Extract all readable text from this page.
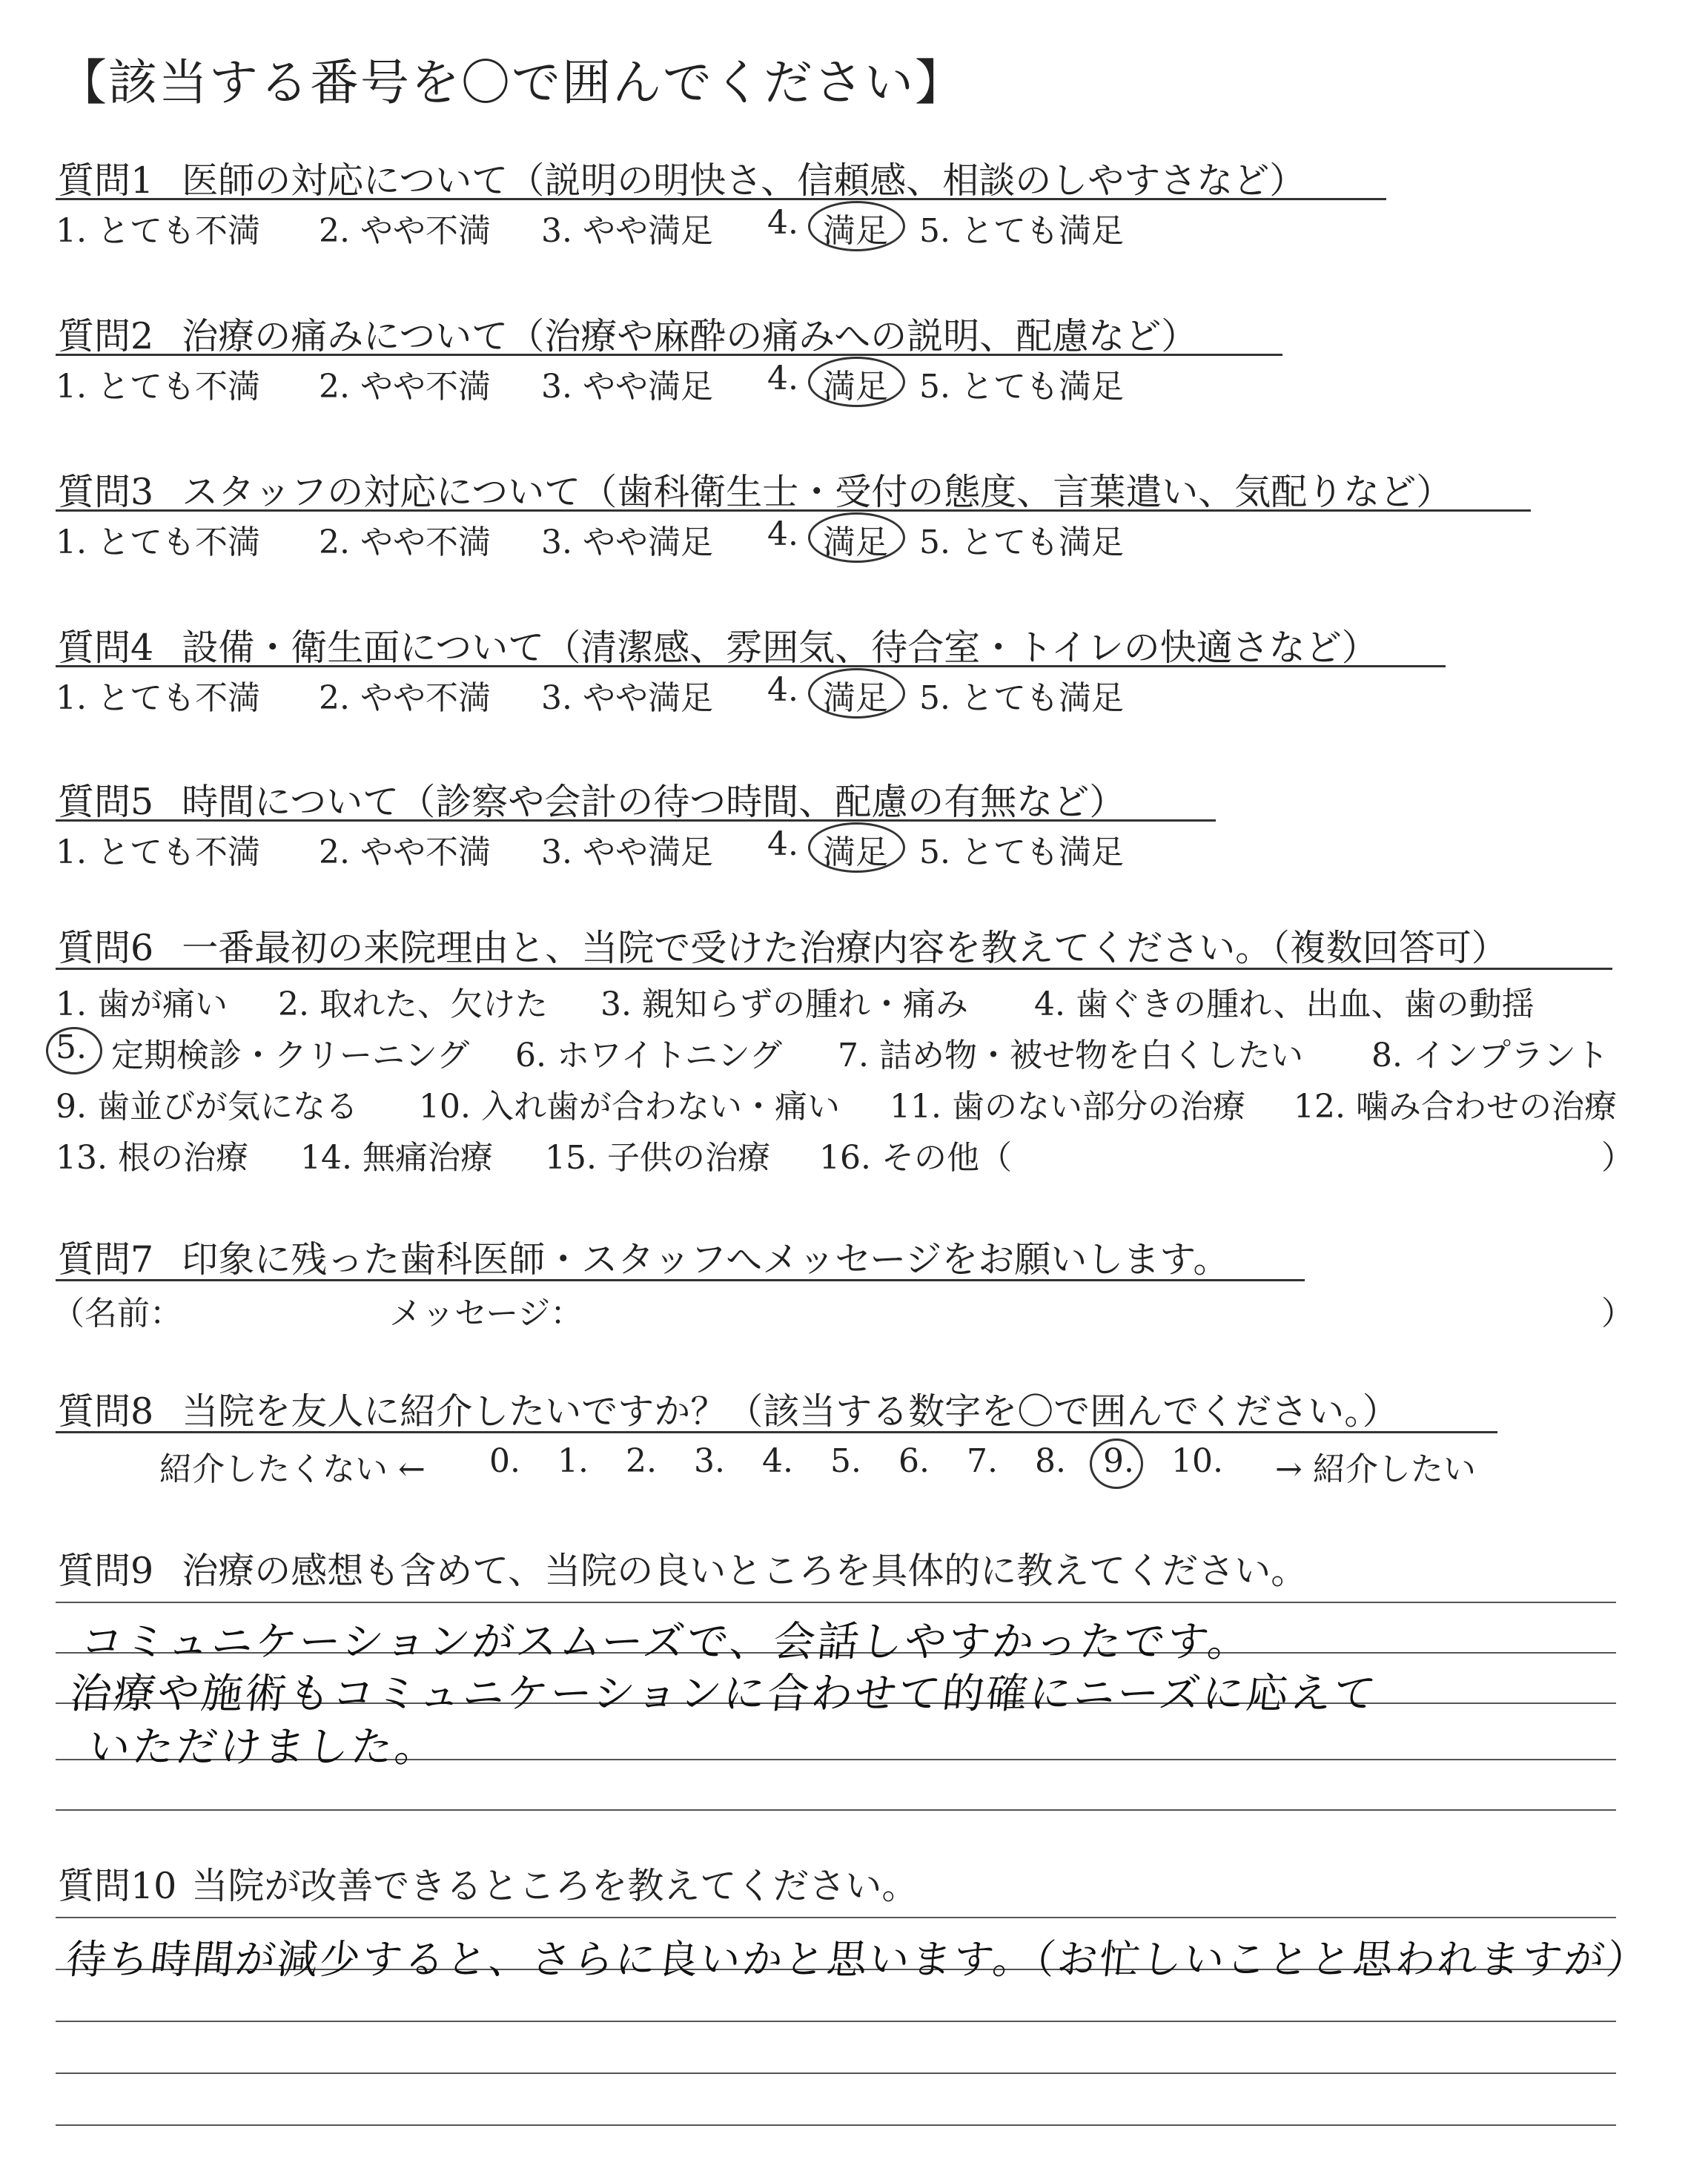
【該当する番号を〇で囲んでください】
質問1 医師の対応について（説明の明快さ、信頼感、相談のしやすさなど）
1. とても不満 2. やや不満 3. やや満足 4. 満足 5. とても満足
質問2 治療の痛みについて（治療や麻酔の痛みへの説明、配慮など）
1. とても不満 2. やや不満 3. やや満足 4. 満足 5. とても満足
質問3 スタッフの対応について（歯科衛生士・受付の態度、言葉遣い、気配りなど）
1. とても不満 2. やや不満 3. やや満足 4. 満足 5. とても満足
質問4 設備・衛生面について（清潔感、雰囲気、待合室・トイレの快適さなど）
1. とても不満 2. やや不満 3. やや満足 4. 満足 5. とても満足
質問5 時間について（診察や会計の待つ時間、配慮の有無など）
1. とても不満 2. やや不満 3. やや満足 4. 満足 5. とても満足
質問6 一番最初の来院理由と、当院で受けた治療内容を教えてください。（複数回答可）
1. 歯が痛い 2. 取れた、欠けた 3. 親知らずの腫れ・痛み 4. 歯ぐきの腫れ、出血、歯の動揺
5. 定期検診・クリーニング 6. ホワイトニング 7. 詰め物・被せ物を白くしたい 8. インプラント
9. 歯並びが気になる 10. 入れ歯が合わない・痛い 11. 歯のない部分の治療 12. 噛み合わせの治療
13. 根の治療 14. 無痛治療 15. 子供の治療 16. その他（	）
質問7 印象に残った歯科医師・スタッフへメッセージをお願いします。
（名前：	メッセージ：	）
質問8 当院を友人に紹介したいですか？（該当する数字を〇で囲んでください。）
紹介したくない ← 0. 1. 2. 3. 4. 5. 6. 7. 8. 9. 10. → 紹介したい
質問9 治療の感想も含めて、当院の良いところを具体的に教えてください。
コミュニケーションがスムーズで、会話しやすかったです。
治療や施術もコミュニケーションに合わせて的確にニーズに応えて
いただけました。
質問10 当院が改善できるところを教えてください。
待ち時間が減少すると、さらに良いかと思います。（お忙しいことと思われますが）
